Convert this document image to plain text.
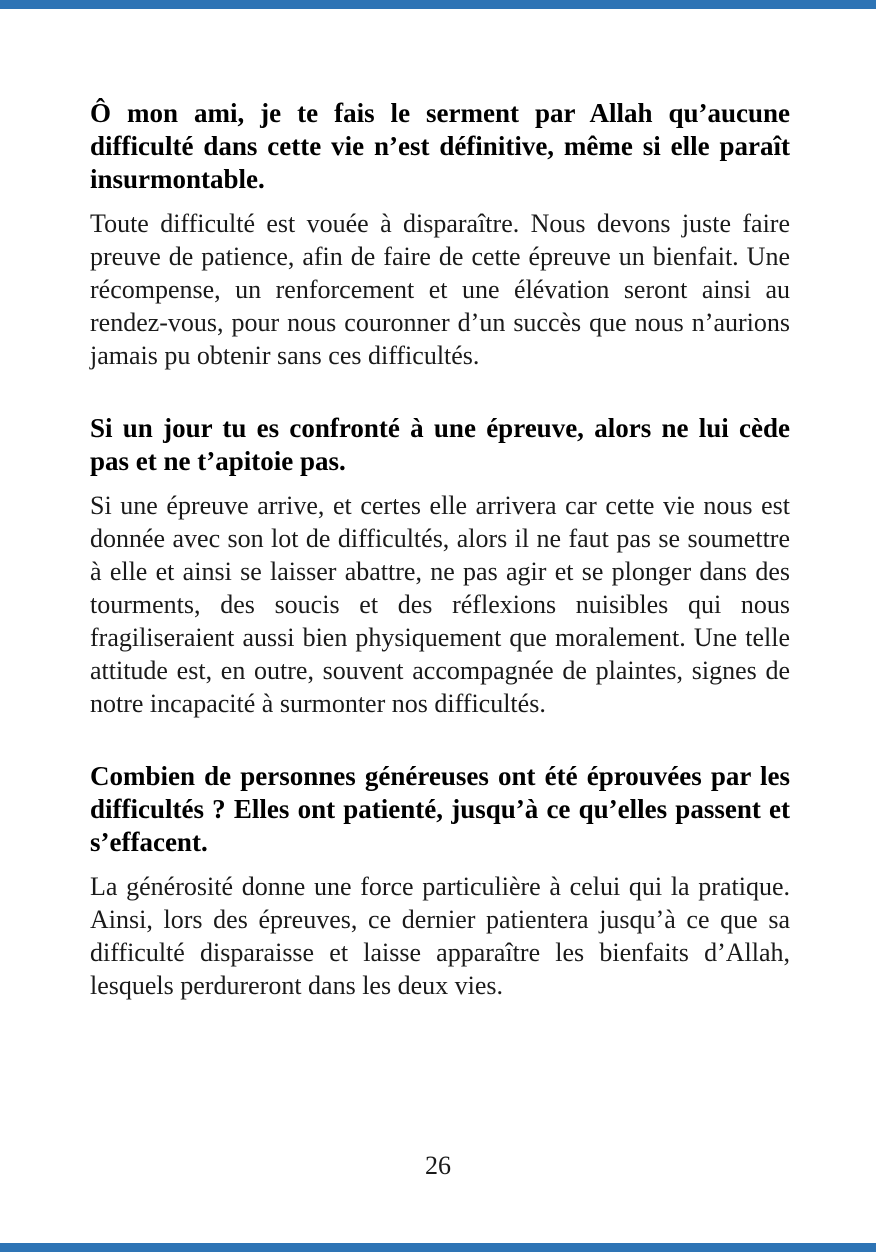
Ô mon ami, je te fais le serment par Allah qu’aucune difficulté dans cette vie n’est définitive, même si elle paraît insurmontable.

Toute difficulté est vouée à disparaître. Nous devons juste faire preuve de patience, afin de faire de cette épreuve un bienfait. Une récompense, un renforcement et une élévation seront ainsi au rendez-vous, pour nous couronner d’un succès que nous n’aurions jamais pu obtenir sans ces difficultés.

Si un jour tu es confronté à une épreuve, alors ne lui cède pas et ne t’apitoie pas.

Si une épreuve arrive, et certes elle arrivera car cette vie nous est donnée avec son lot de difficultés, alors il ne faut pas se soumettre à elle et ainsi se laisser abattre, ne pas agir et se plonger dans des tourments, des soucis et des réflexions nuisibles qui nous fragiliseraient aussi bien physiquement que moralement. Une telle attitude est, en outre, souvent accompagnée de plaintes, signes de notre incapacité à surmonter nos difficultés.

Combien de personnes généreuses ont été éprouvées par les difficultés ? Elles ont patienté, jusqu’à ce qu’elles passent et s’effacent.

La générosité donne une force particulière à celui qui la pratique. Ainsi, lors des épreuves, ce dernier patientera jusqu’à ce que sa difficulté disparaisse et laisse apparaître les bienfaits d’Allah, lesquels perdureront dans les deux vies.

26
